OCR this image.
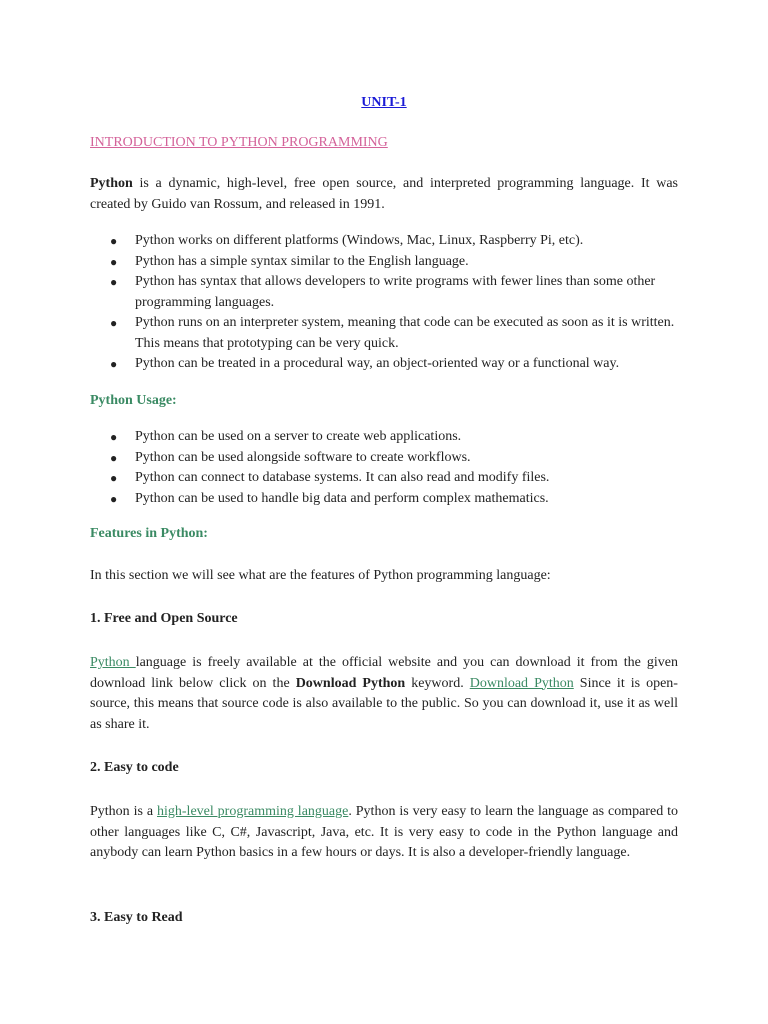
UNIT-1
INTRODUCTION TO PYTHON PROGRAMMING

Python is a dynamic, high-level, free open source, and interpreted programming language. It was created by Guido van Rossum, and released in 1991.

● Python works on different platforms (Windows, Mac, Linux, Raspberry Pi, etc).
● Python has a simple syntax similar to the English language.
● Python has syntax that allows developers to write programs with fewer lines than some other programming languages.
● Python runs on an interpreter system, meaning that code can be executed as soon as it is written. This means that prototyping can be very quick.
● Python can be treated in a procedural way, an object-oriented way or a functional way.
Python Usage:
● Python can be used on a server to create web applications.
● Python can be used alongside software to create workflows.
● Python can connect to database systems. It can also read and modify files.
● Python can be used to handle big data and perform complex mathematics.
Features in Python:

In this section we will see what are the features of Python programming language:

1. Free and Open Source

Python language is freely available at the official website and you can download it from the given download link below click on the Download Python keyword. Download Python Since it is open-source, this means that source code is also available to the public. So you can download it, use it as well as share it.

2. Easy to code

Python is a high-level programming language. Python is very easy to learn the language as compared to other languages like C, C#, Javascript, Java, etc. It is very easy to code in the Python language and anybody can learn Python basics in a few hours or days. It is also a developer-friendly language.

3. Easy to Read
